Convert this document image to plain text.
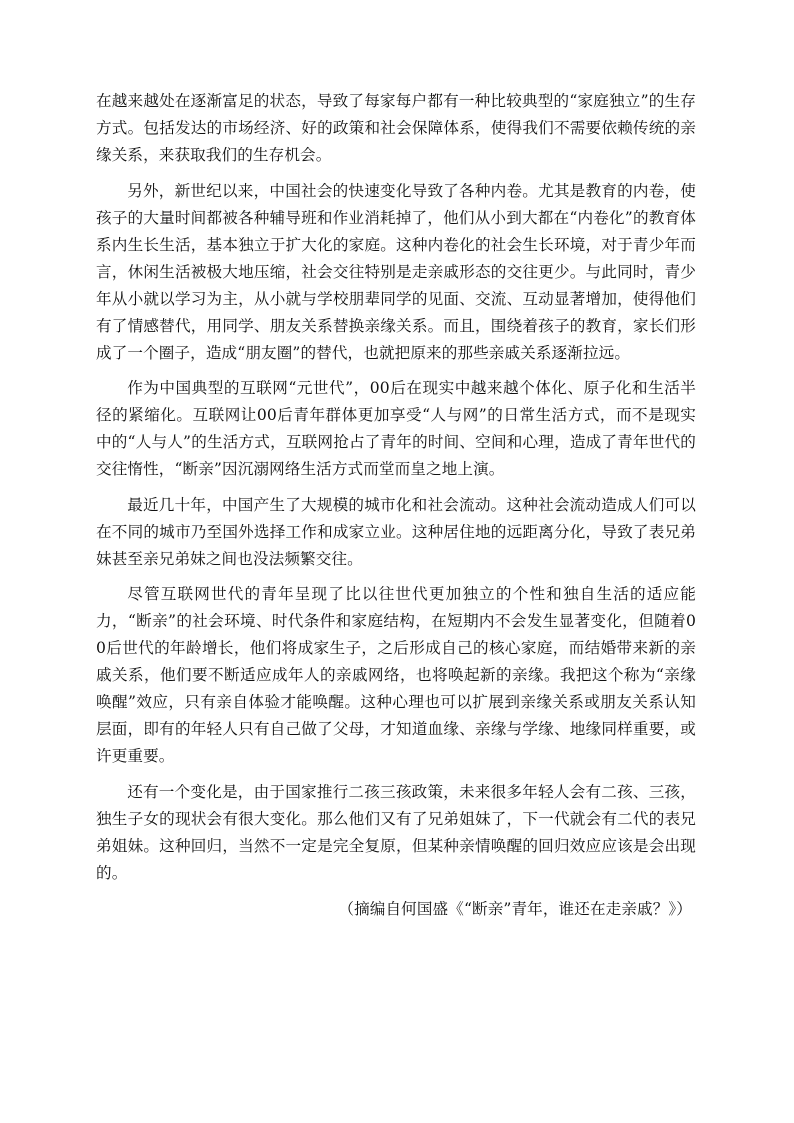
在越来越处在逐渐富足的状态，导致了每家每户都有一种比较典型的“家庭独立”的生存方式。包括发达的市场经济、好的政策和社会保障体系，使得我们不需要依赖传统的亲缘关系，来获取我们的生存机会。

另外，新世纪以来，中国社会的快速变化导致了各种内卷。尤其是教育的内卷，使孩子的大量时间都被各种辅导班和作业消耗掉了，他们从小到大都在“内卷化”的教育体系内生长生活，基本独立于扩大化的家庭。这种内卷化的社会生长环境，对于青少年而言，休闲生活被极大地压缩，社会交往特别是走亲戚形态的交往更少。与此同时，青少年从小就以学习为主，从小就与学校朋辈同学的见面、交流、互动显著增加，使得他们有了情感替代，用同学、朋友关系替换亲缘关系。而且，围绕着孩子的教育，家长们形成了一个圈子，造成“朋友圈”的替代，也就把原来的那些亲戚关系逐渐拉远。

作为中国典型的互联网“元世代”，00后在现实中越来越个体化、原子化和生活半径的紧缩化。互联网让00后青年群体更加享受“人与网”的日常生活方式，而不是现实中的“人与人”的生活方式，互联网抢占了青年的时间、空间和心理，造成了青年世代的交往惰性，“断亲”因沉溺网络生活方式而堂而皇之地上演。

最近几十年，中国产生了大规模的城市化和社会流动。这种社会流动造成人们可以在不同的城市乃至国外选择工作和成家立业。这种居住地的远距离分化，导致了表兄弟妹甚至亲兄弟妹之间也没法频繁交往。

尽管互联网世代的青年呈现了比以往世代更加独立的个性和独自生活的适应能力，“断亲”的社会环境、时代条件和家庭结构，在短期内不会发生显著变化，但随着00后世代的年龄增长，他们将成家生子，之后形成自己的核心家庭，而结婚带来新的亲戚关系，他们要不断适应成年人的亲戚网络，也将唤起新的亲缘。我把这个称为“亲缘唤醒”效应，只有亲自体验才能唤醒。这种心理也可以扩展到亲缘关系或朋友关系认知层面，即有的年轻人只有自己做了父母，才知道血缘、亲缘与学缘、地缘同样重要，或许更重要。

还有一个变化是，由于国家推行二孩三孩政策，未来很多年轻人会有二孩、三孩，独生子女的现状会有很大变化。那么他们又有了兄弟姐妹了，下一代就会有二代的表兄弟姐妹。这种回归，当然不一定是完全复原，但某种亲情唤醒的回归效应应该是会出现的。

（摘编自何国盛《“断亲”青年，谁还在走亲戚？》）
